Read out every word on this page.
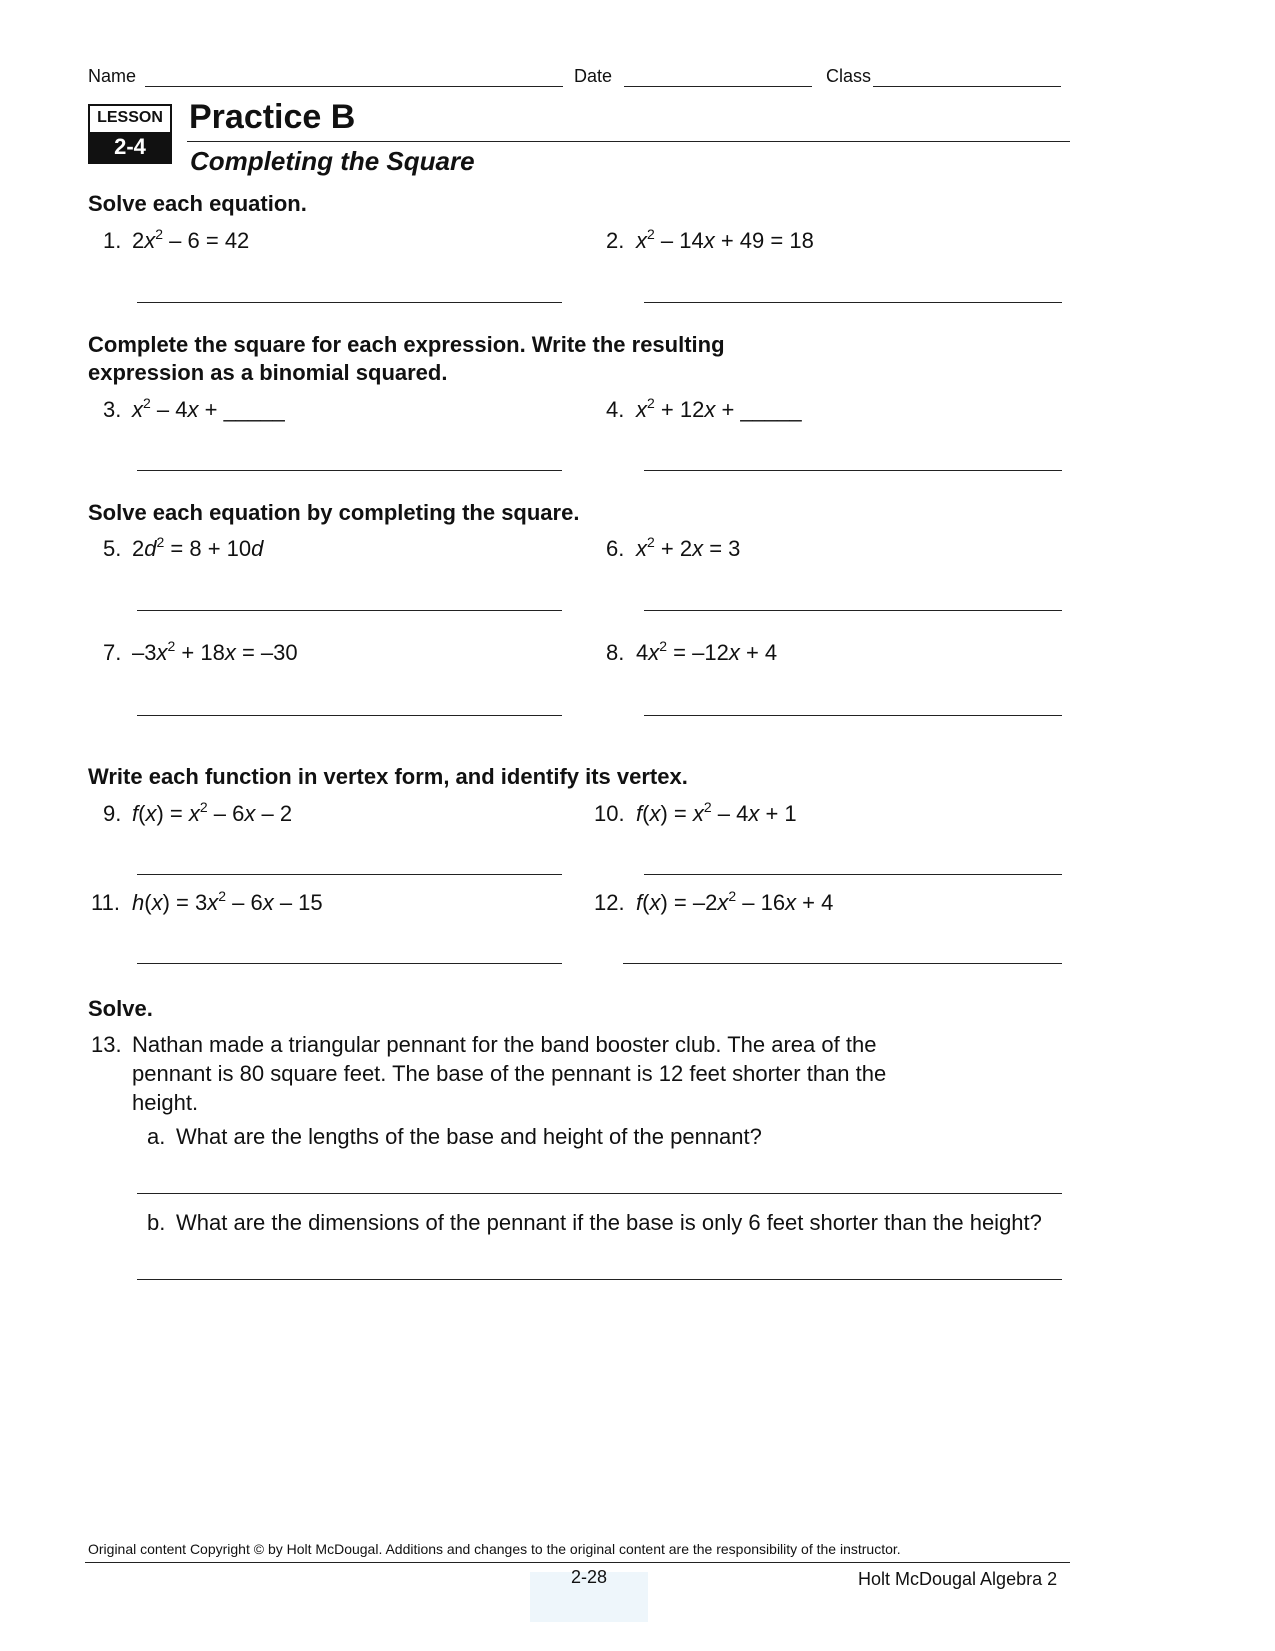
Name	Date	Class
LESSON
2-4
Practice B
Completing the Square
Solve each equation.
1. $2x^2 - 6 = 42$	2. $x^2 - 14x + 49 = 18$
Complete the square for each expression. Write the resulting
expression as a binomial squared.
3. $x^2 - 4x$ + _____	4. $x^2 + 12x$ + _____
Solve each equation by completing the square.
5. $2d^2 = 8 + 10d$	6. $x^2 + 2x = 3$
7. $-3x^2 + 18x = -30$	8. $4x^2 = -12x + 4$
Write each function in vertex form, and identify its vertex.
9. $f(x) = x^2 - 6x - 2$	10. $f(x) = x^2 - 4x + 1$
11. $h(x) = 3x^2 - 6x - 15$	12. $f(x) = -2x^2 - 16x + 4$
Solve.
13. Nathan made a triangular pennant for the band booster club. The area of the
pennant is 80 square feet. The base of the pennant is 12 feet shorter than the
height.
a. What are the lengths of the base and height of the pennant?
b. What are the dimensions of the pennant if the base is only 6 feet shorter than the height?
Original content Copyright © by Holt McDougal. Additions and changes to the original content are the responsibility of the instructor.
2-28	Holt McDougal Algebra 2
